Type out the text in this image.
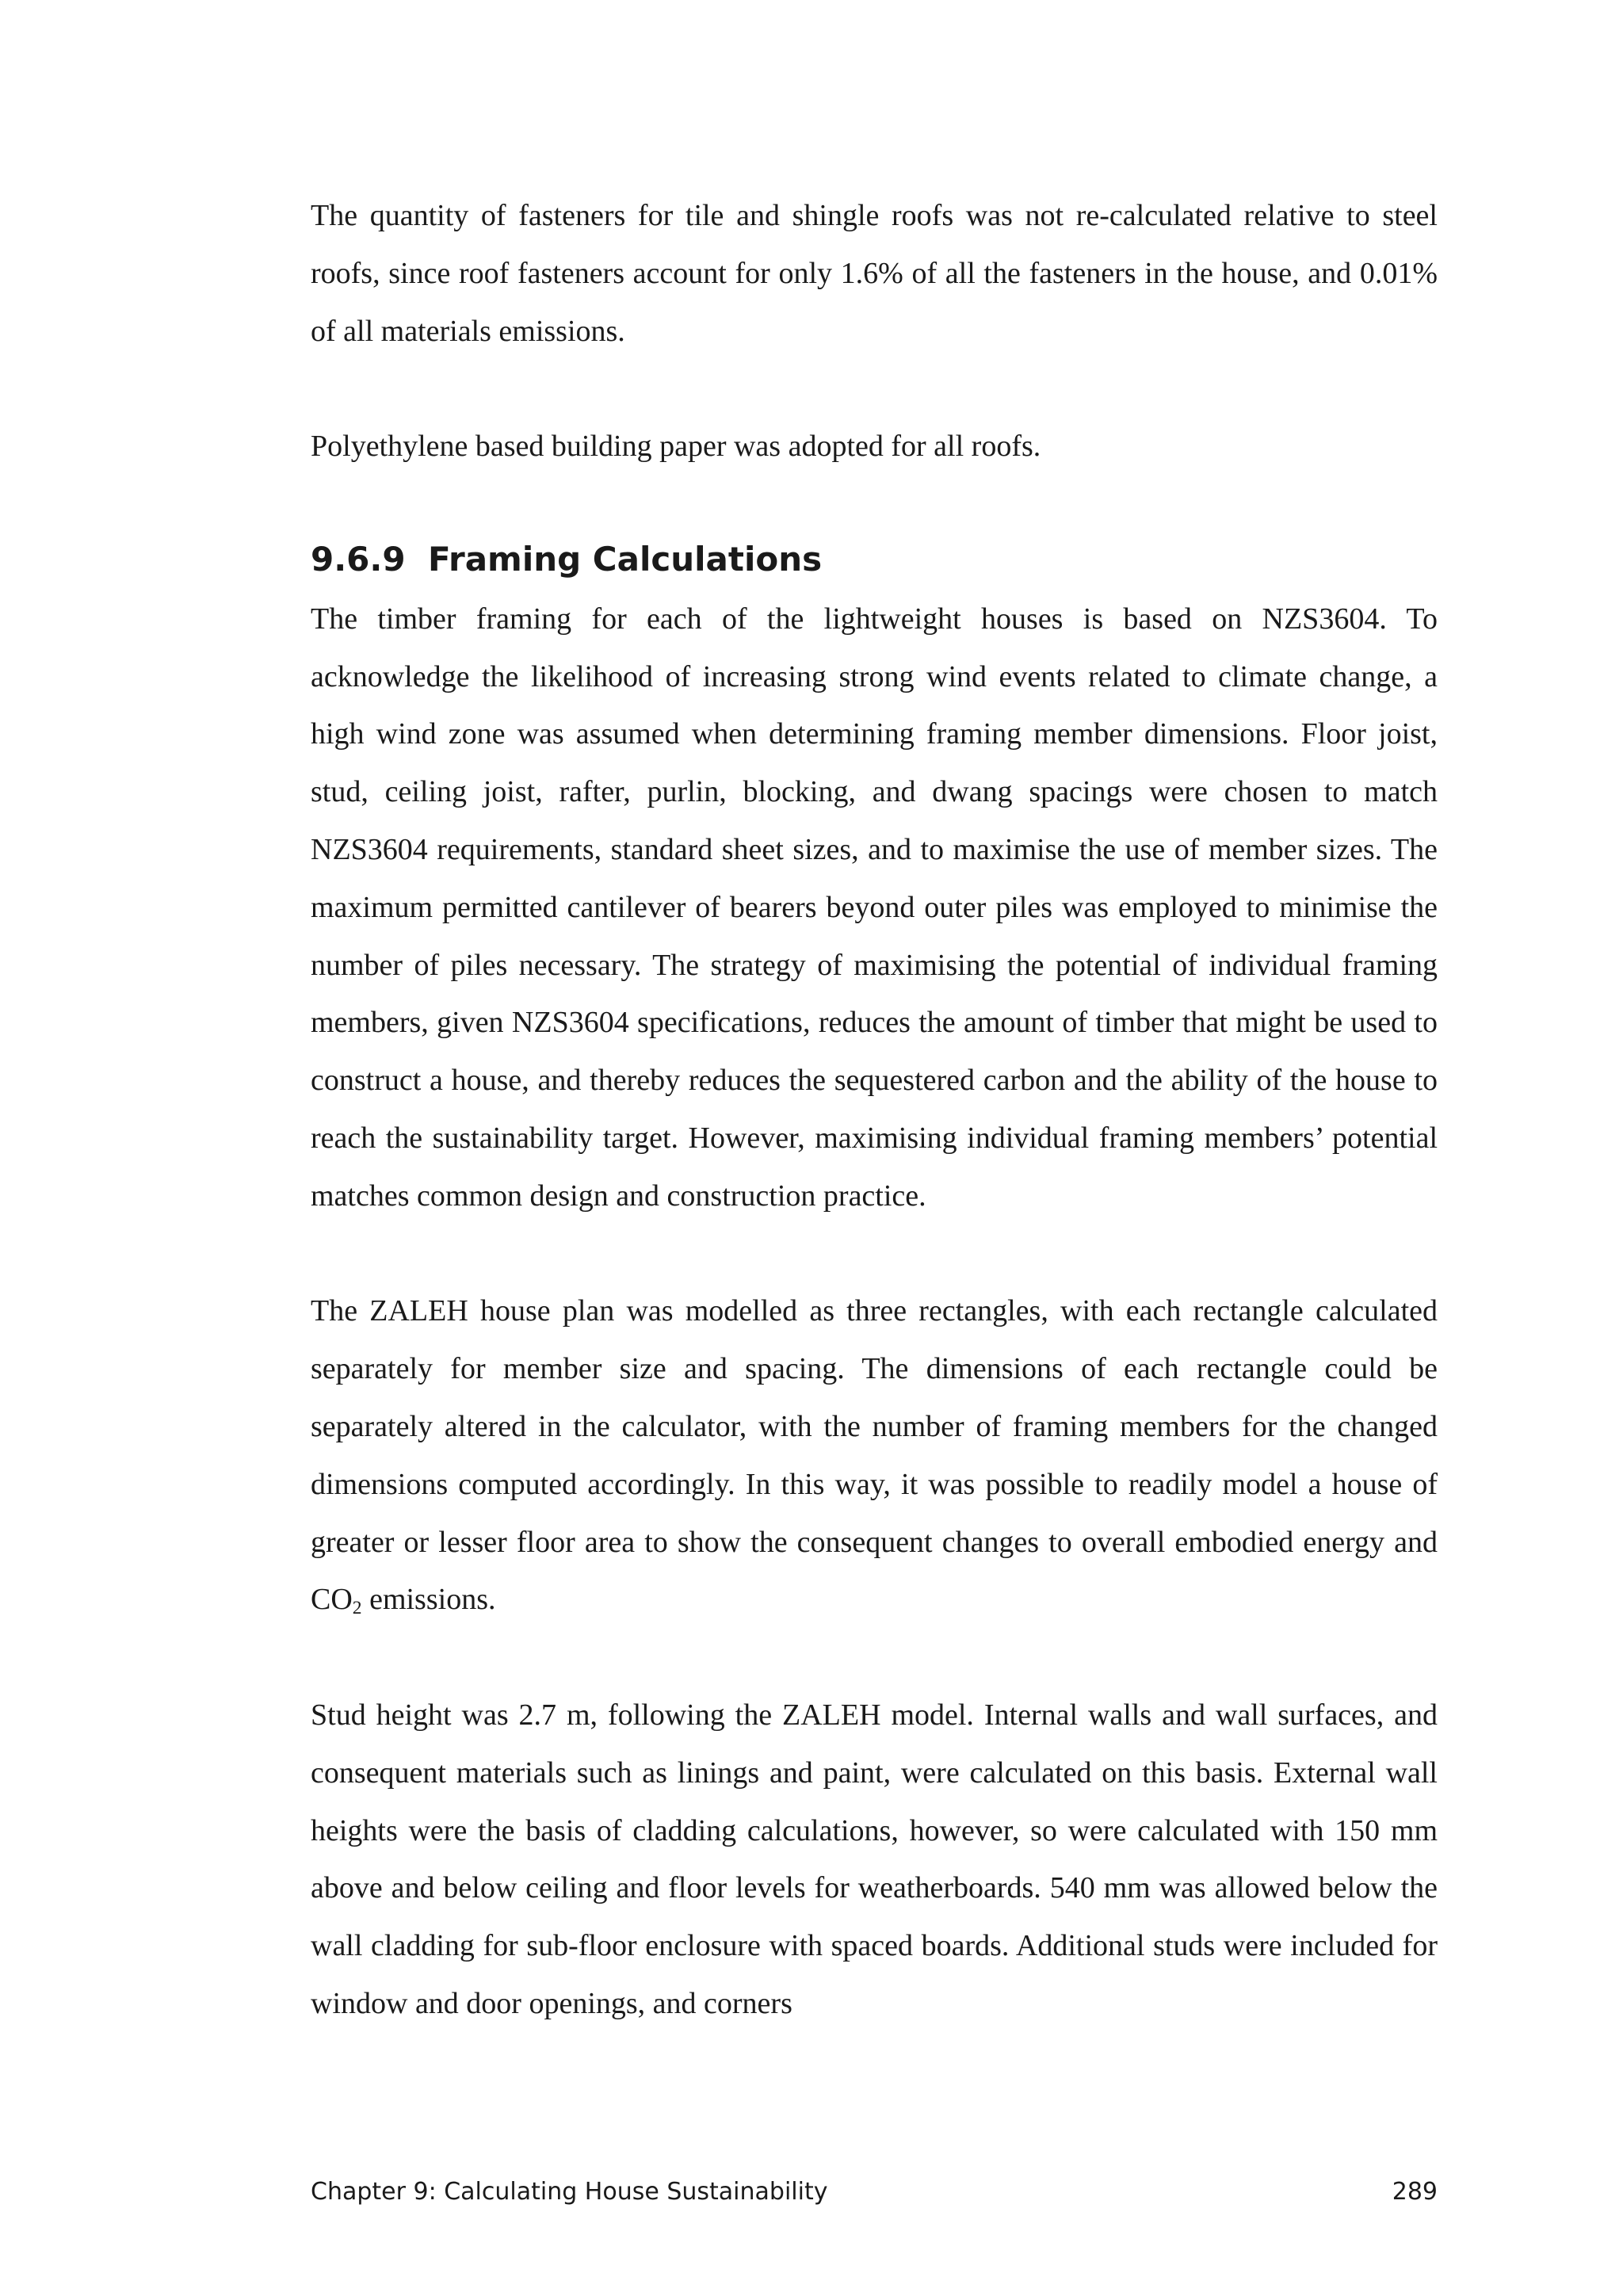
The quantity of fasteners for tile and shingle roofs was not re-calculated relative to steel roofs, since roof fasteners account for only 1.6% of all the fasteners in the house, and 0.01% of all materials emissions.

Polyethylene based building paper was adopted for all roofs.

9.6.9 Framing Calculations

The timber framing for each of the lightweight houses is based on NZS3604. To acknowledge the likelihood of increasing strong wind events related to climate change, a high wind zone was assumed when determining framing member dimensions. Floor joist, stud, ceiling joist, rafter, purlin, blocking, and dwang spacings were chosen to match NZS3604 requirements, standard sheet sizes, and to maximise the use of member sizes. The maximum permitted cantilever of bearers beyond outer piles was employed to minimise the number of piles necessary. The strategy of maximising the potential of individual framing members, given NZS3604 specifications, reduces the amount of timber that might be used to construct a house, and thereby reduces the sequestered carbon and the ability of the house to reach the sustainability target. However, maximising individual framing members’ potential matches common design and construction practice.

The ZALEH house plan was modelled as three rectangles, with each rectangle calculated separately for member size and spacing. The dimensions of each rectangle could be separately altered in the calculator, with the number of framing members for the changed dimensions computed accordingly. In this way, it was possible to readily model a house of greater or lesser floor area to show the consequent changes to overall embodied energy and $CO_2$ emissions.

Stud height was 2.7 m, following the ZALEH model. Internal walls and wall surfaces, and consequent materials such as linings and paint, were calculated on this basis. External wall heights were the basis of cladding calculations, however, so were calculated with 150 mm above and below ceiling and floor levels for weatherboards. 540 mm was allowed below the wall cladding for sub-floor enclosure with spaced boards. Additional studs were included for window and door openings, and corners

Chapter 9: Calculating House Sustainability	289
